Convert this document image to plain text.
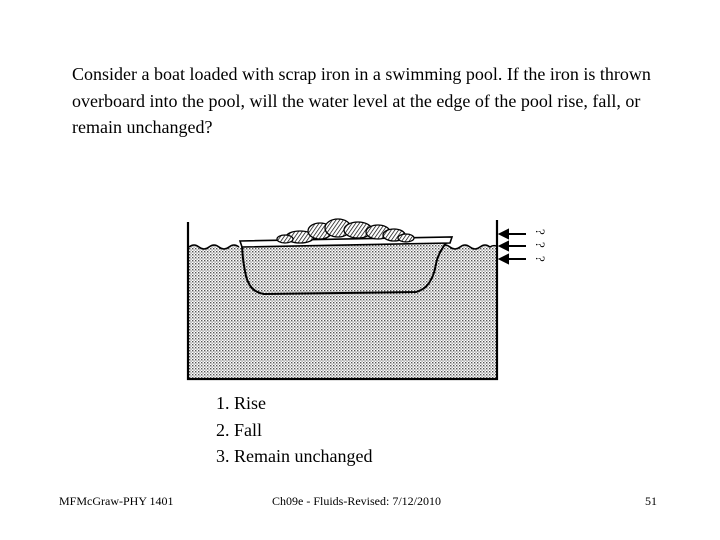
Consider a boat loaded with scrap iron in a swimming pool. If the iron is thrown overboard into the pool, will the water level at the edge of the pool rise, fall, or remain unchanged?
?
?
?
1. Rise
2. Fall
3. Remain unchanged
MFMcGraw-PHY 1401	Ch09e - Fluids-Revised: 7/12/2010	51
